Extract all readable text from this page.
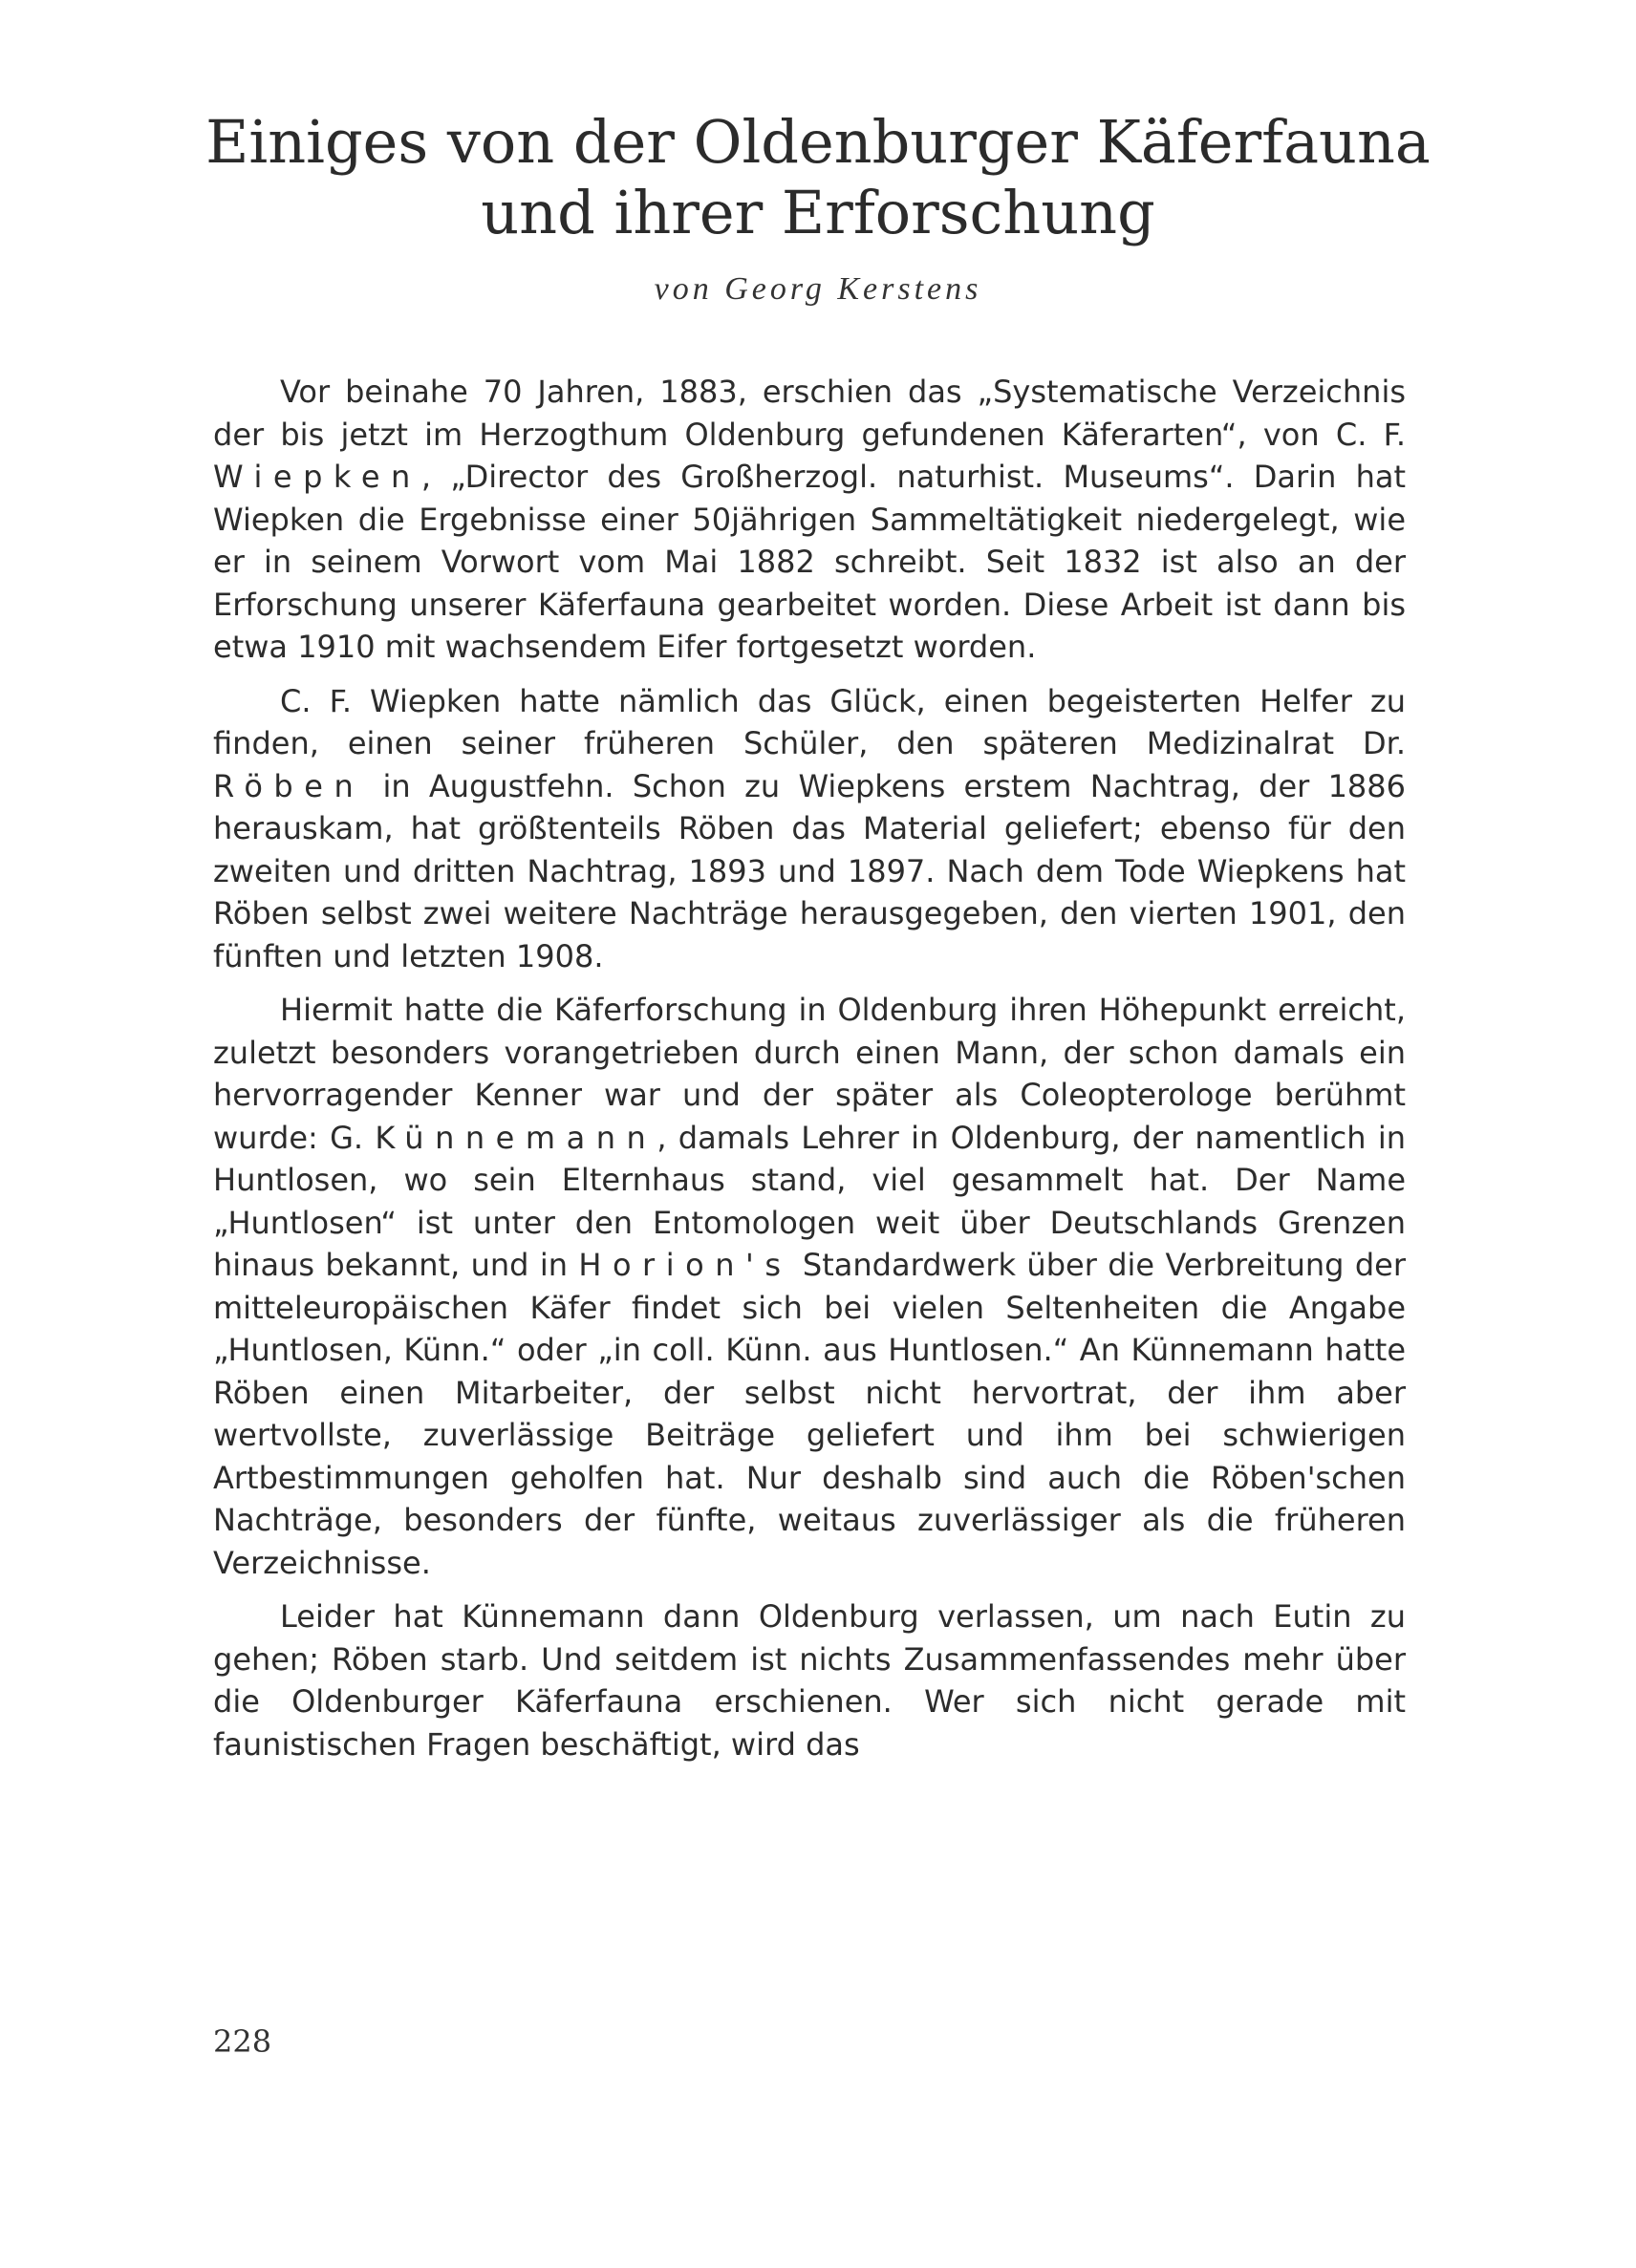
Einiges von der Oldenburger Käferfauna
und ihrer Erforschung

von Georg Kerstens

Vor beinahe 70 Jahren, 1883, erschien das „Systematische Verzeichnis der bis jetzt im Herzogthum Oldenburg gefundenen Käferarten“, von C. F. Wiepken, „Director des Großherzogl. naturhist. Museums“. Darin hat Wiepken die Ergebnisse einer 50jährigen Sammeltätigkeit niedergelegt, wie er in seinem Vorwort vom Mai 1882 schreibt. Seit 1832 ist also an der Erforschung unserer Käferfauna gearbeitet worden. Diese Arbeit ist dann bis etwa 1910 mit wachsendem Eifer fortgesetzt worden.

C. F. Wiepken hatte nämlich das Glück, einen begeisterten Helfer zu finden, einen seiner früheren Schüler, den späteren Medizinalrat Dr. Röben in Augustfehn. Schon zu Wiepkens erstem Nachtrag, der 1886 herauskam, hat größtenteils Röben das Material geliefert; ebenso für den zweiten und dritten Nachtrag, 1893 und 1897. Nach dem Tode Wiepkens hat Röben selbst zwei weitere Nachträge herausgegeben, den vierten 1901, den fünften und letzten 1908.

Hiermit hatte die Käferforschung in Oldenburg ihren Höhepunkt erreicht, zuletzt besonders vorangetrieben durch einen Mann, der schon damals ein hervorragender Kenner war und der später als Coleopterologe berühmt wurde: G. Künnemann, damals Lehrer in Oldenburg, der namentlich in Huntlosen, wo sein Elternhaus stand, viel gesammelt hat. Der Name „Huntlosen“ ist unter den Entomologen weit über Deutschlands Grenzen hinaus bekannt, und in Horion's Standardwerk über die Verbreitung der mitteleuropäischen Käfer findet sich bei vielen Seltenheiten die Angabe „Huntlosen, Künn.“ oder „in coll. Künn. aus Huntlosen.“ An Künnemann hatte Röben einen Mitarbeiter, der selbst nicht hervortrat, der ihm aber wertvollste, zuverlässige Beiträge geliefert und ihm bei schwierigen Artbestimmungen geholfen hat. Nur deshalb sind auch die Röben'schen Nachträge, besonders der fünfte, weitaus zuverlässiger als die früheren Verzeichnisse.

Leider hat Künnemann dann Oldenburg verlassen, um nach Eutin zu gehen; Röben starb. Und seitdem ist nichts Zusammenfassendes mehr über die Oldenburger Käferfauna erschienen. Wer sich nicht gerade mit faunistischen Fragen beschäftigt, wird das

228
